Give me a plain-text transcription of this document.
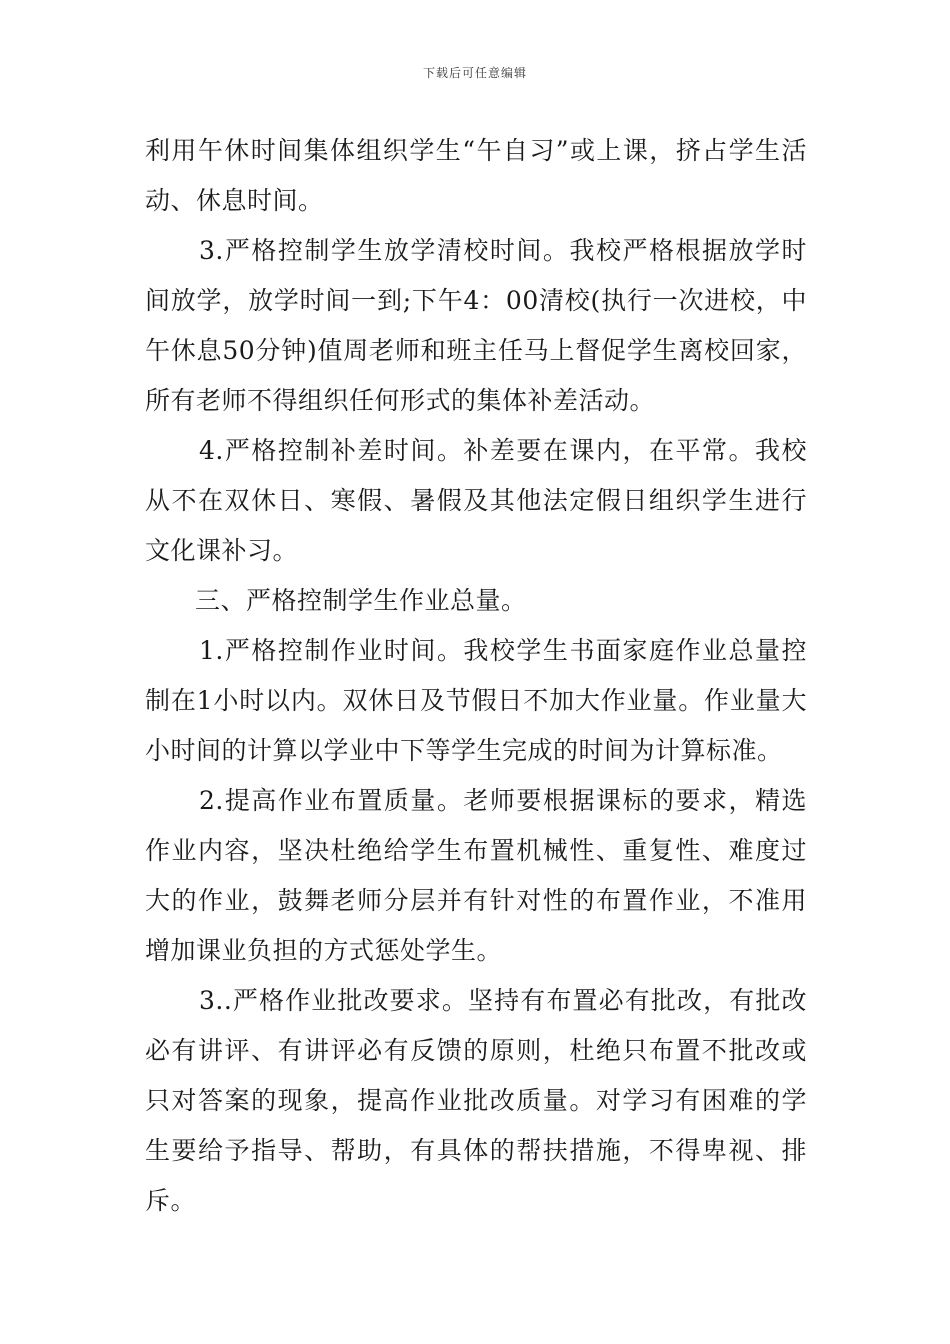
下载后可任意编辑

利用午休时间集体组织学生“午自习”或上课，挤占学生活动、休息时间。

3.严格控制学生放学清校时间。我校严格根据放学时间放学，放学时间一到;下午4：00清校(执行一次进校，中午休息50分钟)值周老师和班主任马上督促学生离校回家，所有老师不得组织任何形式的集体补差活动。

4.严格控制补差时间。补差要在课内，在平常。我校从不在双休日、寒假、暑假及其他法定假日组织学生进行文化课补习。

三、严格控制学生作业总量。

1.严格控制作业时间。我校学生书面家庭作业总量控制在1小时以内。双休日及节假日不加大作业量。作业量大小时间的计算以学业中下等学生完成的时间为计算标准。

2.提高作业布置质量。老师要根据课标的要求，精选作业内容，坚决杜绝给学生布置机械性、重复性、难度过大的作业，鼓舞老师分层并有针对性的布置作业，不准用增加课业负担的方式惩处学生。

3..严格作业批改要求。坚持有布置必有批改，有批改必有讲评、有讲评必有反馈的原则，杜绝只布置不批改或只对答案的现象，提高作业批改质量。对学习有困难的学生要给予指导、帮助，有具体的帮扶措施，不得卑视、排斥。
